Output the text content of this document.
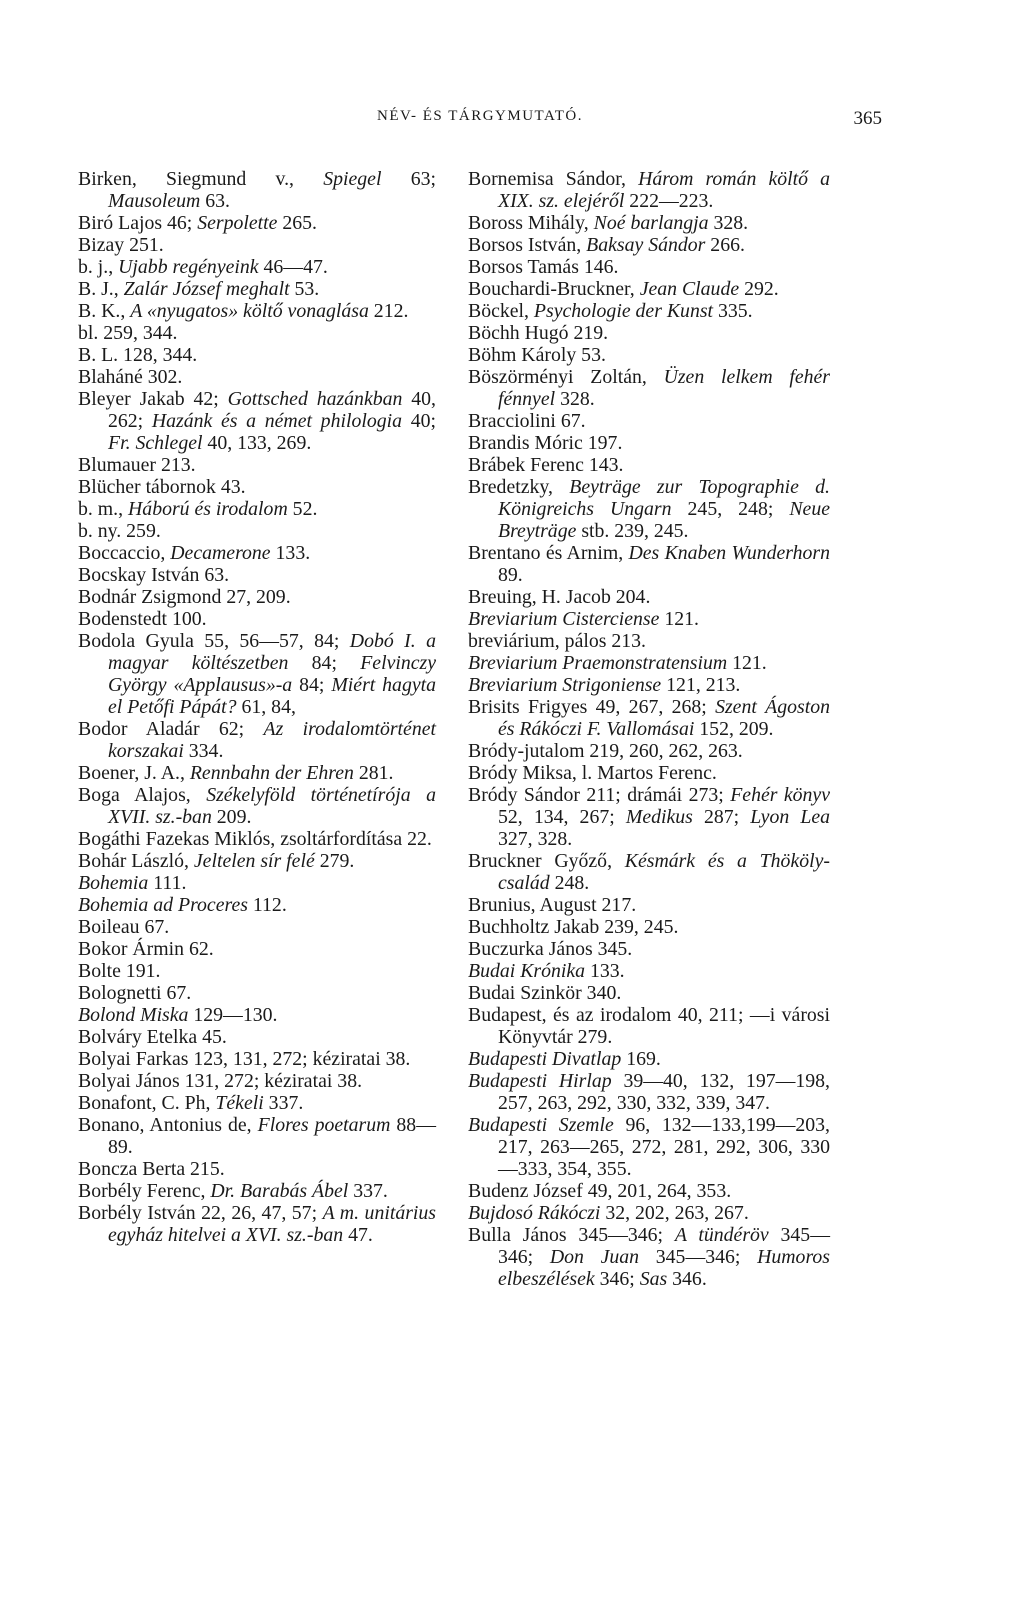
NÉV- ÉS TÁRGYMUTATÓ.	365
Birken, Siegmund v., Spiegel 63; Mausoleum 63.
Biró Lajos 46; Serpolette 265.
Bizay 251.
b. j., Ujabb regényeink 46—47.
B. J., Zalár József meghalt 53.
B. K., A «nyugatos» költő vonaglása 212.
bl. 259, 344.
B. L. 128, 344.
Blaháné 302.
Bleyer Jakab 42; Gottsched hazánkban 40, 262; Hazánk és a német philologia 40; Fr. Schlegel 40, 133, 269.
Blumauer 213.
Blücher tábornok 43.
b. m., Háború és irodalom 52.
b. ny. 259.
Boccaccio, Decamerone 133.
Bocskay István 63.
Bodnár Zsigmond 27, 209.
Bodenstedt 100.
Bodola Gyula 55, 56—57, 84; Dobó I. a magyar költészetben 84; Felvinczy György «Applausus»-a 84; Miért hagyta el Petőfi Pápát? 61, 84,
Bodor Aladár 62; Az irodalomtörténet korszakai 334.
Boener, J. A., Rennbahn der Ehren 281.
Boga Alajos, Székelyföld történetírója a XVII. sz.-ban 209.
Bogáthi Fazekas Miklós, zsoltárfordítása 22.
Bohár László, Jeltelen sír felé 279.
Bohemia 111.
Bohemia ad Proceres 112.
Boileau 67.
Bokor Ármin 62.
Bolte 191.
Bolognetti 67.
Bolond Miska 129—130.
Bolváry Etelka 45.
Bolyai Farkas 123, 131, 272; kéziratai 38.
Bolyai János 131, 272; kéziratai 38.
Bonafont, C. Ph, Tékeli 337.
Bonano, Antonius de, Flores poetarum 88—89.
Boncza Berta 215.
Borbély Ferenc, Dr. Barabás Ábel 337.
Borbély István 22, 26, 47, 57; A m. unitárius egyház hitelvei a XVI. sz.-ban 47.
Bornemisa Sándor, Három román költő a XIX. sz. elejéről 222—223.
Boross Mihály, Noé barlangja 328.
Borsos István, Baksay Sándor 266.
Borsos Tamás 146.
Bouchardi-Bruckner, Jean Claude 292.
Böckel, Psychologie der Kunst 335.
Böchh Hugó 219.
Böhm Károly 53.
Böszörményi Zoltán, Üzen lelkem fehér fénnyel 328.
Bracciolini 67.
Brandis Móric 197.
Brábek Ferenc 143.
Bredetzky, Beyträge zur Topographie d. Königreichs Ungarn 245, 248; Neue Breyträge stb. 239, 245.
Brentano és Arnim, Des Knaben Wunderhorn 89.
Breuing, H. Jacob 204.
Breviarium Cisterciense 121.
breviárium, pálos 213.
Breviarium Praemonstratensium 121.
Breviarium Strigoniense 121, 213.
Brisits Frigyes 49, 267, 268; Szent Ágoston és Rákóczi F. Vallomásai 152, 209.
Bródy-jutalom 219, 260, 262, 263.
Bródy Miksa, l. Martos Ferenc.
Bródy Sándor 211; drámái 273; Fehér könyv 52, 134, 267; Medikus 287; Lyon Lea 327, 328.
Bruckner Győző, Késmárk és a Thököly-család 248.
Brunius, August 217.
Buchholtz Jakab 239, 245.
Buczurka János 345.
Budai Krónika 133.
Budai Szinkör 340.
Budapest, és az irodalom 40, 211; —i városi Könyvtár 279.
Budapesti Divatlap 169.
Budapesti Hirlap 39—40, 132, 197—198, 257, 263, 292, 330, 332, 339, 347.
Budapesti Szemle 96, 132—133,199—203, 217, 263—265, 272, 281, 292, 306, 330—333, 354, 355.
Budenz József 49, 201, 264, 353.
Bujdosó Rákóczi 32, 202, 263, 267.
Bulla János 345—346; A tündéröv 345—346; Don Juan 345—346; Humoros elbeszélések 346; Sas 346.
